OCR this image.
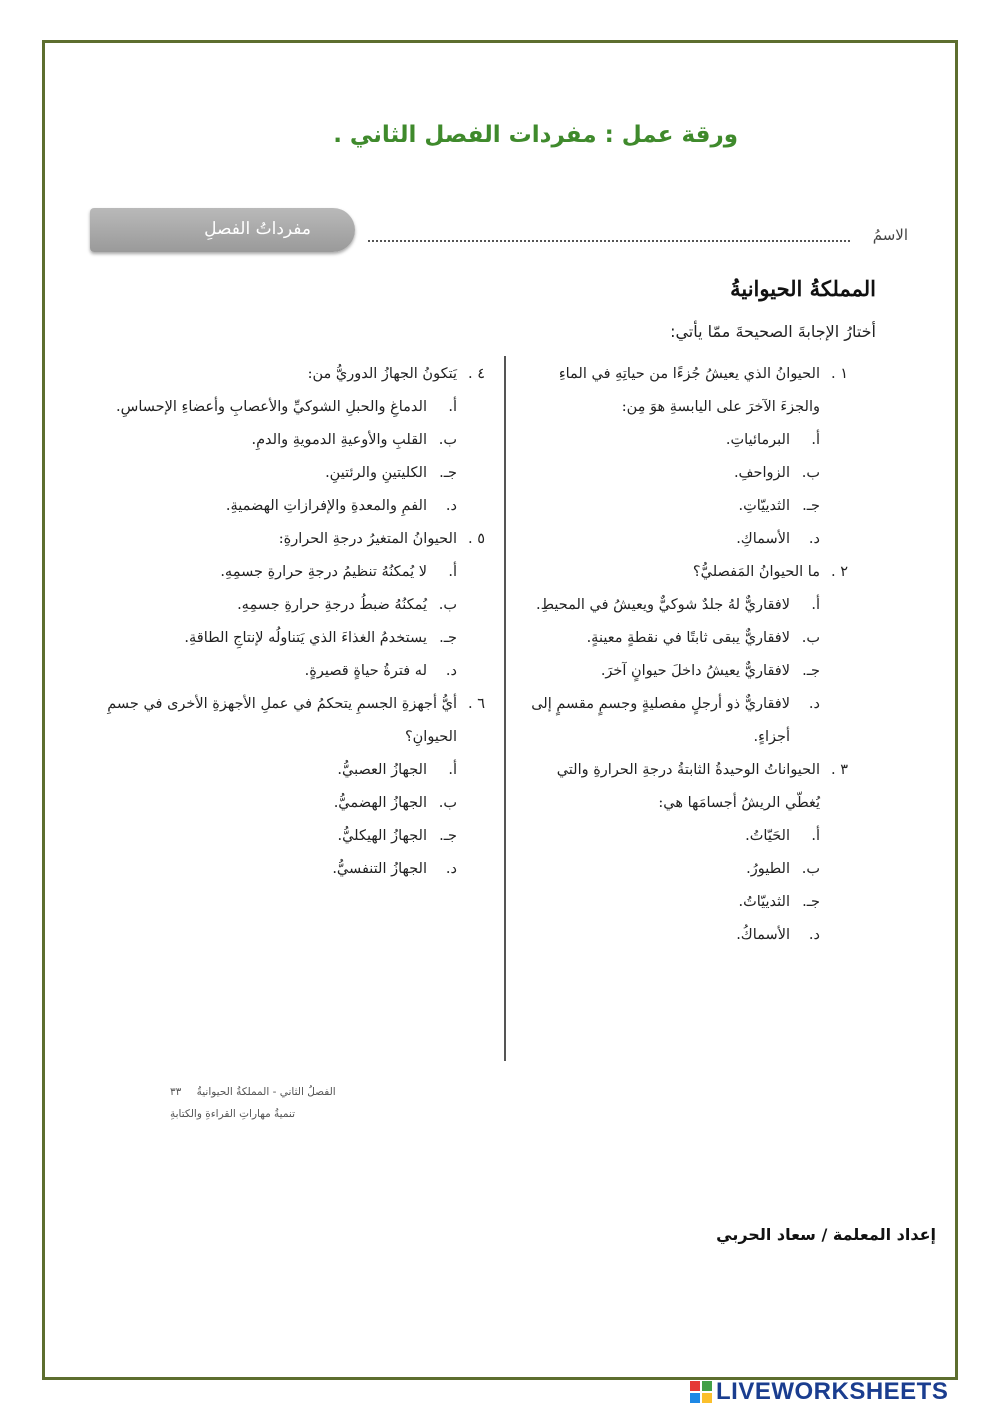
ورقة عمل : مفردات الفصل الثاني .
مفرداتُ الفصلِ	الاسمُ
المملكةُ الحيوانيةُ
أختارُ الإجابةَ الصحيحةَ ممّا يأتي:
١ .
الحيوانُ الذي يعيشُ جُزءًا من حياتِهِ في الماءِ والجزءَ الآخرَ على اليابسةِ هوَ مِن:
أ.
البرمائياتِ.
ب.
الزواحفِ.
جـ.
الثدييّاتِ.
د.
الأسماكِ.
٢ .
ما الحيوانُ المَفصليُّ؟
أ.
لافقاريٌّ لهُ جلدٌ شوكيٌّ ويعيشُ في المحيطِ.
ب.
لافقاريٌّ يبقى ثابتًا في نقطةٍ معينةٍ.
جـ.
لافقاريٌّ يعيشُ داخلَ حيوانٍ آخرَ.
د.
لافقاريٌّ ذو أرجلٍ مفصليةٍ وجسمٍ مقسمٍ إلى أجزاءٍ.
٣ .
الحيواناتُ الوحيدةُ الثابتةُ درجةِ الحرارةِ والتي يُغطّي الريشُ أجسامَها هي:
أ.
الحَيّاتُ.
ب.
الطيورُ.
جـ.
الثدييّاتُ.
د.
الأسماكُ.
٤ .
يَتكونُ الجهازُ الدوريُّ من:
أ.
الدماغِ والحبلِ الشوكيِّ والأعصابِ وأعضاءِ الإحساسِ.
ب.
القلبِ والأوعيةِ الدمويةِ والدمِ.
جـ.
الكليتينِ والرئتينِ.
د.
الفمِ والمعدةِ والإفرازاتِ الهضميةِ.
٥ .
الحيوانُ المتغيرُ درجةِ الحرارةِ:
أ.
لا يُمكنُهُ تنظيمُ درجةِ حرارةِ جسمِهِ.
ب.
يُمكنُهُ ضبطُ درجةِ حرارةِ جسمِهِ.
جـ.
يستخدمُ الغذاءَ الذي يَتناولُه لإنتاجِ الطاقةِ.
د.
له فترةُ حياةٍ قصيرةٍ.
٦ .
أيُّ أجهزةِ الجسمِ يتحكمُ في عملِ الأجهزةِ الأخرى في جسمِ الحيوانِ؟
أ.
الجهازُ العصبيُّ.
ب.
الجهازُ الهضميُّ.
جـ.
الجهازُ الهيكليُّ.
د.
الجهازُ التنفسيُّ.
الفصلُ الثاني - المملكةُ الحيوانيةُ ٣٣
تنميةُ مهاراتِ القراءةِ والكتابةِ
إعداد المعلمة / سعاد الحربي
LIVEWORKSHEETS
